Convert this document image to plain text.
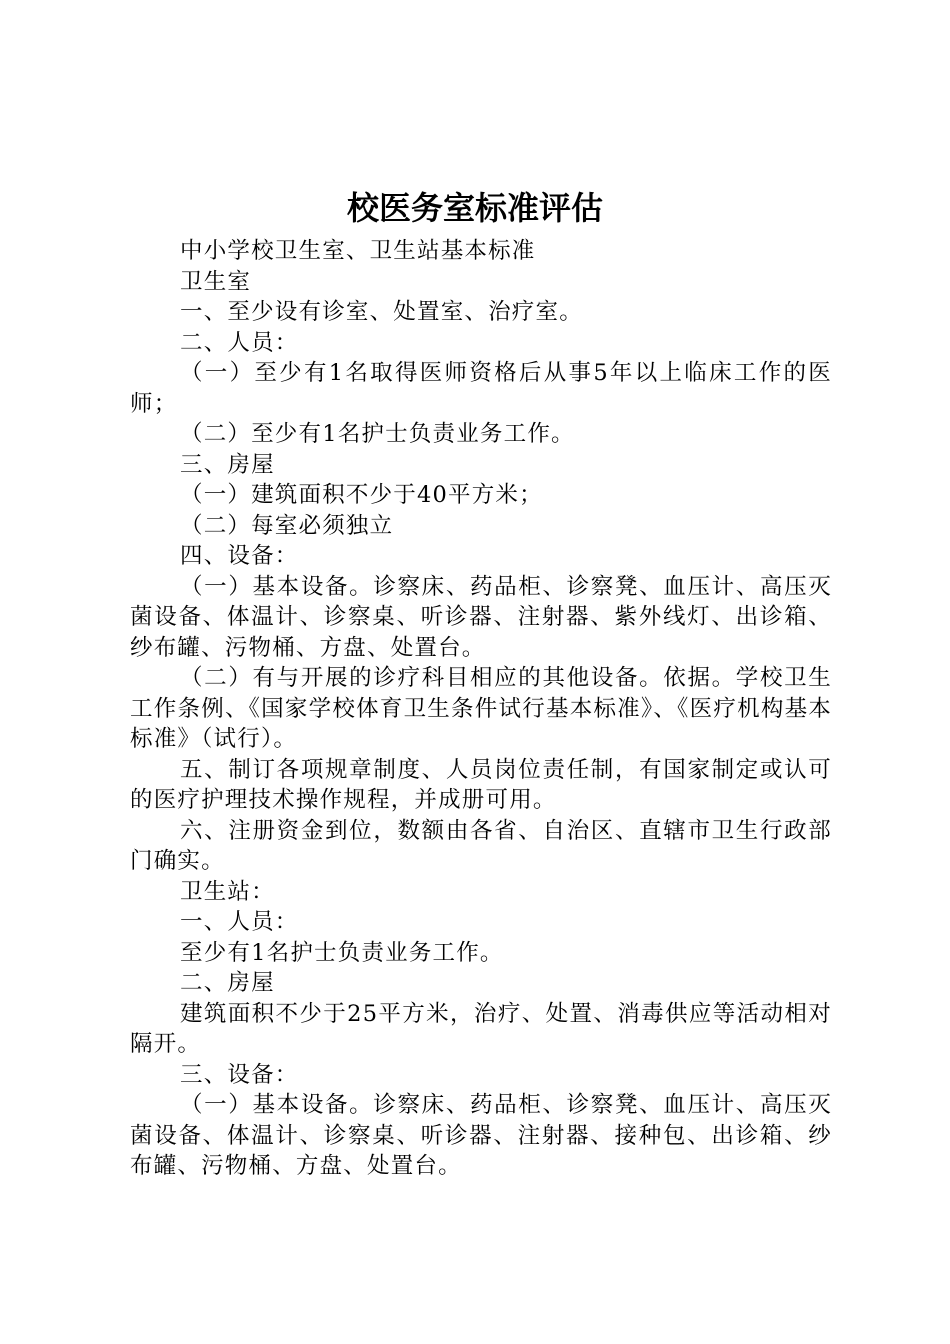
校医务室标准评估

中小学校卫生室、卫生站基本标准

卫生室

一、至少设有诊室、处置室、治疗室。

二、人员：

（一）至少有1名取得医师资格后从事5年以上临床工作的医师；

（二）至少有1名护士负责业务工作。

三、房屋

（一）建筑面积不少于40平方米；

（二）每室必须独立

四、设备：

（一）基本设备。诊察床、药品柜、诊察凳、血压计、高压灭菌设备、体温计、诊察桌、听诊器、注射器、紫外线灯、出诊箱、纱布罐、污物桶、方盘、处置台。

（二）有与开展的诊疗科目相应的其他设备。依据。学校卫生工作条例、《国家学校体育卫生条件试行基本标准》、《医疗机构基本标准》（试行）。

五、制订各项规章制度、人员岗位责任制，有国家制定或认可的医疗护理技术操作规程，并成册可用。

六、注册资金到位，数额由各省、自治区、直辖市卫生行政部门确实。

卫生站：

一、人员：

至少有1名护士负责业务工作。

二、房屋

建筑面积不少于25平方米，治疗、处置、消毒供应等活动相对隔开。

三、设备：

（一）基本设备。诊察床、药品柜、诊察凳、血压计、高压灭菌设备、体温计、诊察桌、听诊器、注射器、接种包、出诊箱、纱布罐、污物桶、方盘、处置台。
